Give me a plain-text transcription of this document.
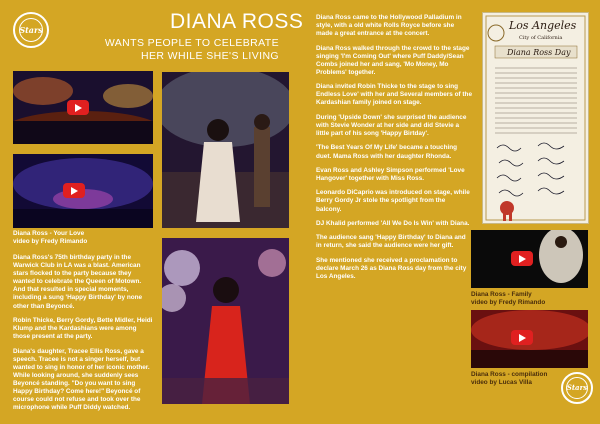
Stars	DIANA ROSS
WANTS PEOPLE TO CELEBRATE HER WHILE SHE'S LIVING
Diana Ross - Your Love
video by Fredy Rimando

Diana Ross's 75th birthday party in the Warwick Club in LA was a blast. American stars flocked to the party because they wanted to celebrate the Queen of Motown. And that resulted in special moments, including a sung 'Happy Birthday' by none other than Beyoncé.

Robin Thicke, Berry Gordy, Bette Midler, Heidi Klump and the Kardashians were among those present at the party.

Diana's daughter, Tracee Ellis Ross, gave a speech. Tracee is not a singer herself, but wanted to sing in honor of her iconic mother. While looking around, she suddenly sees Beyoncé standing. "Do you want to sing Happy Birthday? Come here!" Beyoncé of course could not refuse and took over the microphone while Puff Diddy watched.

Diana Ross came to the Hollywood Palladium in style, with a old white Rolls Royce before she made a great entrance at the concert.

Diana Ross walked through the crowd to the stage singing 'I'm Coming Out' where Puff Daddy/Sean Combs joined her and sang, 'Mo Money, Mo Problems' together.

Diana invited Robin Thicke to the stage to sing Endless Love' with her and Several members of the Kardashian family joined on stage.

During 'Upside Down' she surprised the audience with Stevie Wonder at her side and did Stevie a little part of his song 'Happy Birtday'.

'The Best Years Of My Life' became a touching duet. Mama Ross with her daughter Rhonda.

Evan Ross and Ashley Simpson performed 'Love Hangover' together with Miss Ross.

Leonardo DiCaprio was introduced on stage, while Berry Gordy Jr stole the spotlight from the balcony.

DJ Khalid performed 'All We Do Is Win' with Diana.

The audience sang 'Happy Birthday' to Diana and in return, she said the audience were her gift.

She mentioned she received a proclamation to declare March 26 as Diana Ross day from the city Los Angeles.

Los Angeles
City of California
Diana Ross Day
Diana Ross - Family
video by Fredy Rimando
Diana Ross - compilation
video by Lucas Villa
Stars
